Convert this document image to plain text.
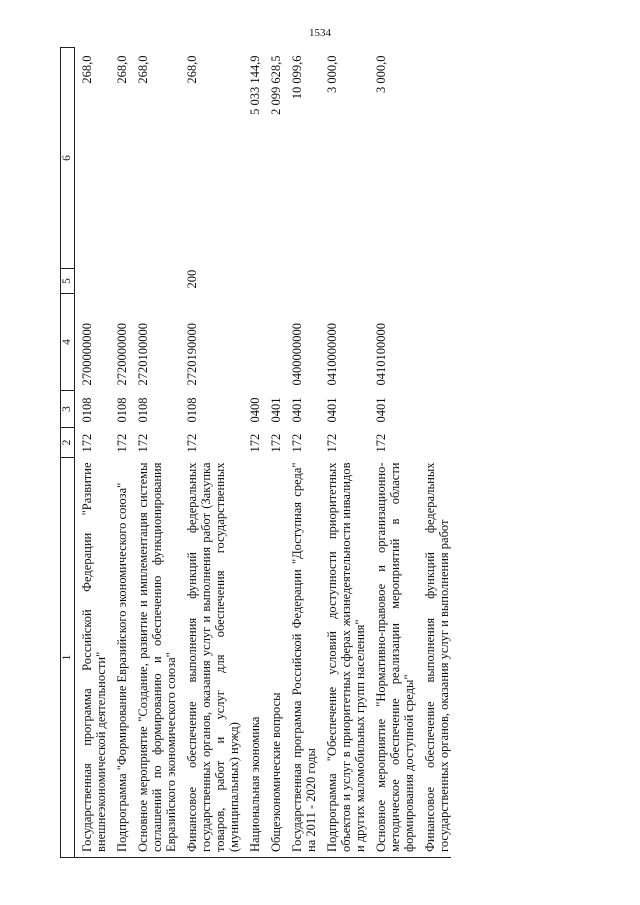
1534
1	2	3	4	5	6
Государственная программа Российской Федерации "Развитие внешнеэкономической деятельности"	172	0108	2700000000		268,0
Подпрограмма "Формирование Евразийского экономического союза"	172	0108	2720000000		268,0
Основное мероприятие "Создание, развитие и имплементация системы соглашений по формированию и обеспечению функционирования Евразийского экономического союза"	172	0108	2720100000		268,0
Финансовое обеспечение выполнения функций федеральных государственных органов, оказания услуг и выполнения работ (Закупка товаров, работ и услуг для обеспечения государственных (муниципальных) нужд)	172	0108	2720190000	200	268,0
Национальная экономика	172	0400			5 033 144,9
Общеэкономические вопросы	172	0401			2 099 628,5
Государственная программа Российской Федерации "Доступная среда" на 2011 - 2020 годы	172	0401	0400000000		10 099,6
Подпрограмма "Обеспечение условий доступности приоритетных объектов и услуг в приоритетных сферах жизнедеятельности инвалидов и других маломобильных групп населения"	172	0401	0410000000		3 000,0
Основное мероприятие "Нормативно-правовое и организационно-методическое обеспечение реализации мероприятий в области формирования доступной среды"	172	0401	0410100000		3 000,0
Финансовое обеспечение выполнения функций федеральных государственных органов, оказания услуг и выполнения работ					
